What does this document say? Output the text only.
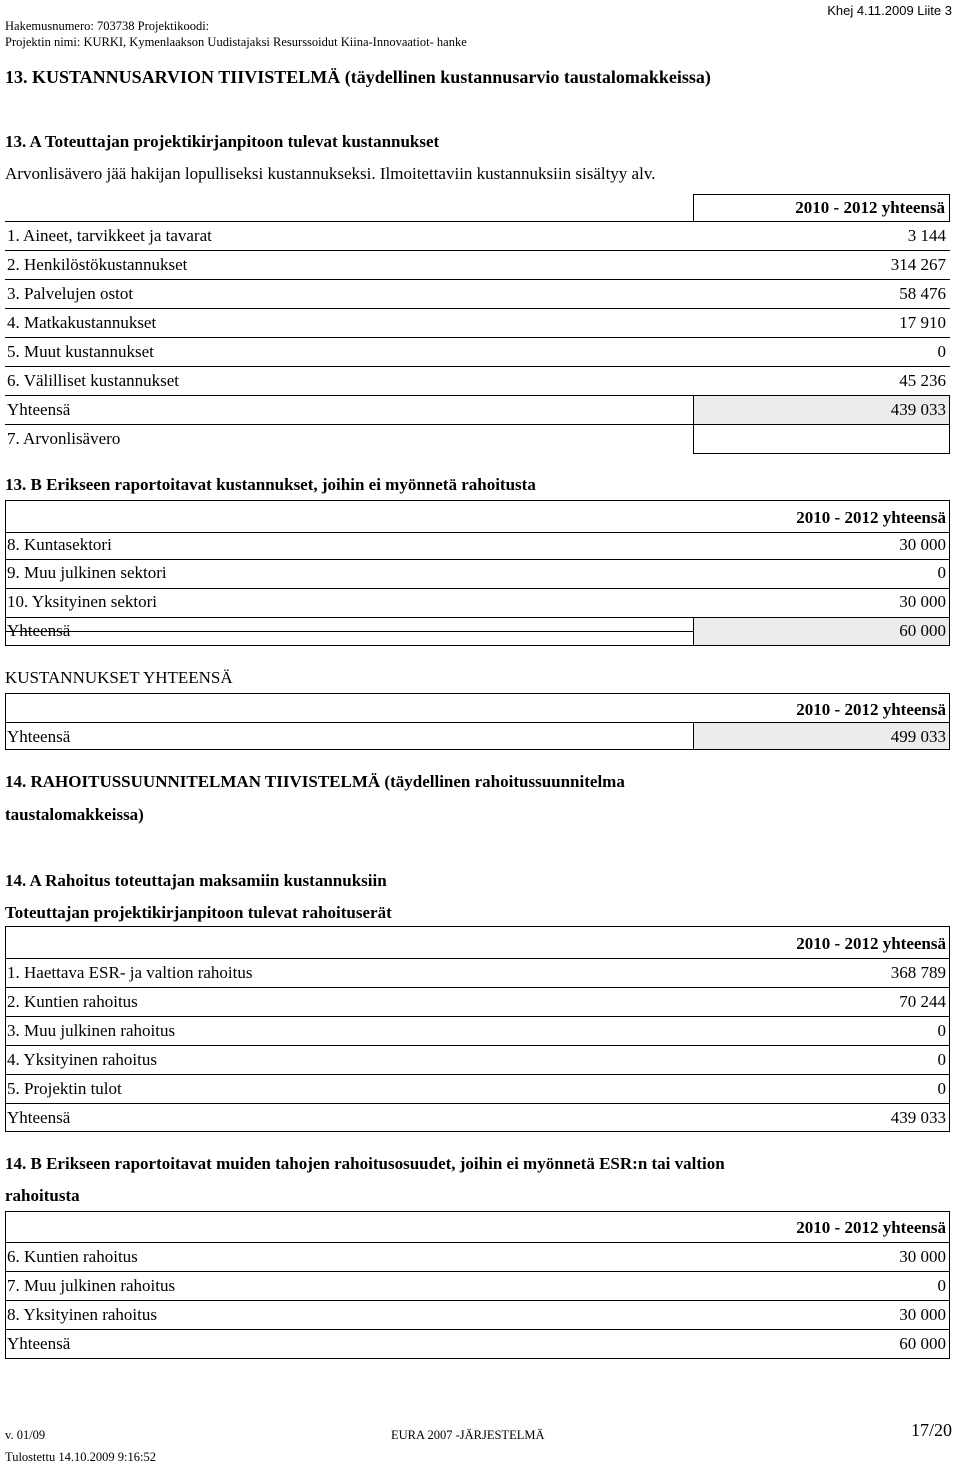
Hakemusnumero: 703738 Projektikoodi:
Projektin nimi: KURKI, Kymenlaakson Uudistajaksi Resurssoidut Kiina-Innovaatiot- hanke
Khej 4.11.2009 Liite 3
13. KUSTANNUSARVION TIIVISTELMÄ (täydellinen kustannusarvio taustalomakkeissa)
13. A Toteuttajan projektikirjanpitoon tulevat kustannukset
Arvonlisävero jää hakijan lopulliseksi kustannukseksi. Ilmoitettaviin kustannuksiin sisältyy alv.
2010 - 2012 yhteensä
1. Aineet, tarvikkeet ja tavarat	3 144
2. Henkilöstökustannukset	314 267
3. Palvelujen ostot	58 476
4. Matkakustannukset	17 910
5. Muut kustannukset	0
6. Välilliset kustannukset	45 236
Yhteensä	439 033
7. Arvonlisävero
13. B Erikseen raportoitavat kustannukset, joihin ei myönnetä rahoitusta
2010 - 2012 yhteensä
8. Kuntasektori	30 000
9. Muu julkinen sektori	0
10. Yksityinen sektori	30 000
Yhteensä	60 000
KUSTANNUKSET YHTEENSÄ
2010 - 2012 yhteensä
Yhteensä	499 033
14. RAHOITUSSUUNNITELMAN TIIVISTELMÄ (täydellinen rahoitussuunnitelma
taustalomakkeissa)
14. A Rahoitus toteuttajan maksamiin kustannuksiin
Toteuttajan projektikirjanpitoon tulevat rahoituserät
2010 - 2012 yhteensä
1. Haettava ESR- ja valtion rahoitus	368 789
2. Kuntien rahoitus	70 244
3. Muu julkinen rahoitus	0
4. Yksityinen rahoitus	0
5. Projektin tulot	0
Yhteensä	439 033
14. B Erikseen raportoitavat muiden tahojen rahoitusosuudet, joihin ei myönnetä ESR:n tai valtion
rahoitusta
2010 - 2012 yhteensä
6. Kuntien rahoitus	30 000
7. Muu julkinen rahoitus	0
8. Yksityinen rahoitus	30 000
Yhteensä	60 000
v. 01/09	EURA 2007 -JÄRJESTELMÄ	17/20
Tulostettu 14.10.2009 9:16:52
